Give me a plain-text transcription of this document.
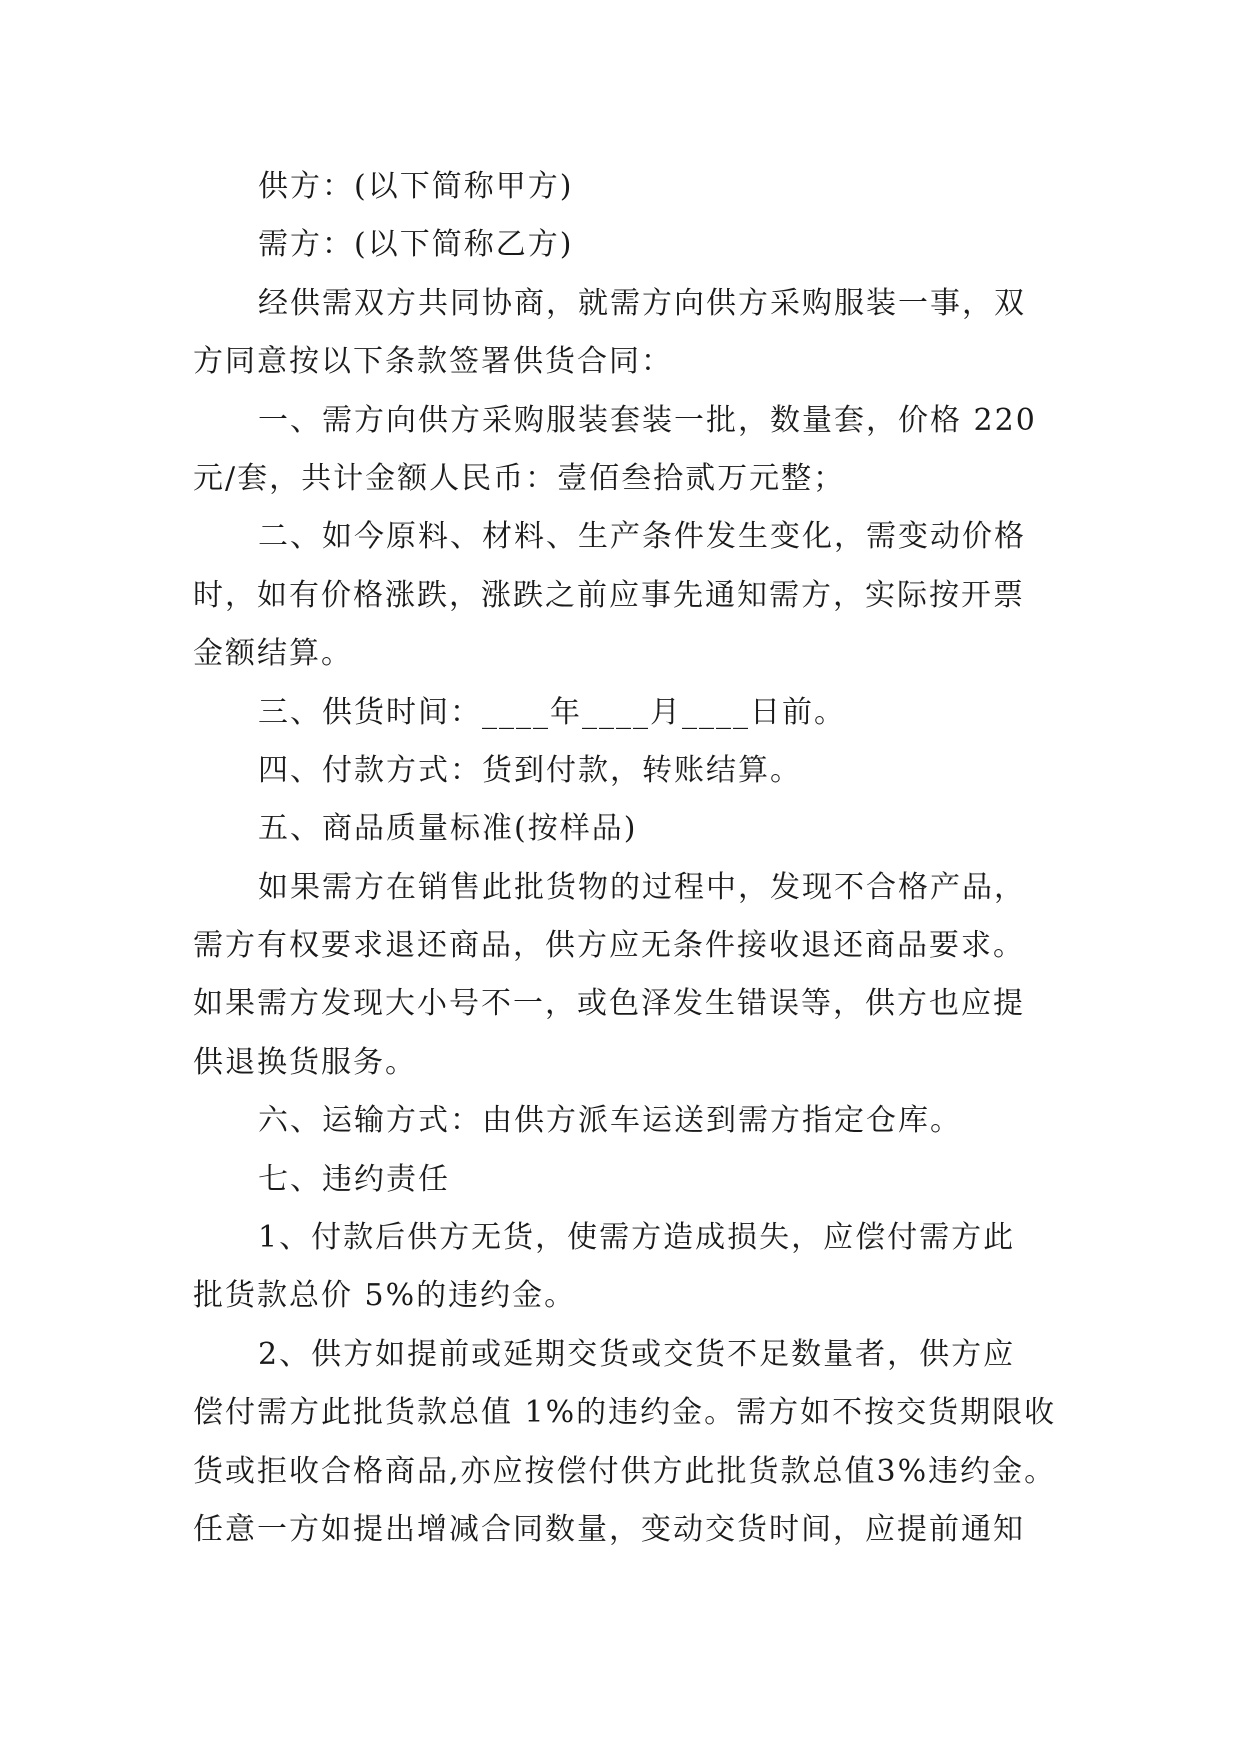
供方：(以下简称甲方)
需方：(以下简称乙方)
经供需双方共同协商，就需方向供方采购服装一事，双
方同意按以下条款签署供货合同：
一、需方向供方采购服装套装一批，数量套，价格 220
元/套，共计金额人民币：壹佰叁拾贰万元整；
二、如今原料、材料、生产条件发生变化，需变动价格
时，如有价格涨跌，涨跌之前应事先通知需方，实际按开票
金额结算。
三、供货时间：____年____月____日前。
四、付款方式：货到付款，转账结算。
五、商品质量标准(按样品)
如果需方在销售此批货物的过程中，发现不合格产品，
需方有权要求退还商品，供方应无条件接收退还商品要求。
如果需方发现大小号不一，或色泽发生错误等，供方也应提
供退换货服务。
六、运输方式：由供方派车运送到需方指定仓库。
七、违约责任
1、付款后供方无货，使需方造成损失，应偿付需方此
批货款总价 5%的违约金。
2、供方如提前或延期交货或交货不足数量者，供方应
偿付需方此批货款总值 1%的违约金。需方如不按交货期限收
货或拒收合格商品,亦应按偿付供方此批货款总值3%违约金。
任意一方如提出增减合同数量，变动交货时间，应提前通知
